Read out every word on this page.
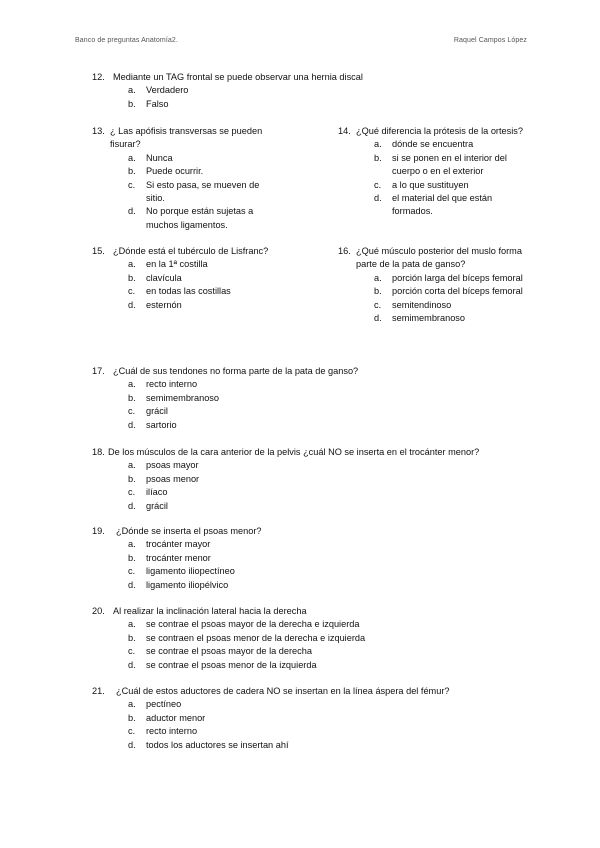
Banco de preguntas Anatomía2.	Raquel Campos López
12. Mediante un TAG frontal se puede observar una hernia discal
a. Verdadero
b. Falso
13. ¿ Las apófisis transversas se pueden fisurar?
a. Nunca
b. Puede ocurrir.
c. Si esto pasa, se mueven de sitio.
d. No porque están sujetas a muchos ligamentos.
14. ¿Qué diferencia la prótesis de la ortesis?
a. dónde se encuentra
b. si se ponen en el interior del cuerpo o en el exterior
c. a lo que sustituyen
d. el material del que están formados.
15. ¿Dónde está el tubérculo de Lisfranc?
a. en la 1ª costilla
b. clavícula
c. en todas las costillas
d. esternón
16. ¿Qué músculo posterior del muslo forma parte de la pata de ganso?
a. porción larga del bíceps femoral
b. porción corta del bíceps femoral
c. semitendinoso
d. semimembranoso
17. ¿Cuál de sus tendones no forma parte de la pata de ganso?
a. recto interno
b. semimembranoso
c. grácil
d. sartorio
18. De los músculos de la cara anterior de la pelvis ¿cuál NO se inserta en el trocánter menor?
a. psoas mayor
b. psoas menor
c. ilíaco
d. grácil
19.	¿Dónde se inserta el psoas menor?
a. trocánter mayor
b. trocánter menor
c. ligamento iliopectíneo
d. ligamento iliopélvico
20. Al realizar la inclinación lateral hacia la derecha
a. se contrae el psoas mayor de la derecha e izquierda
b. se contraen el psoas menor de la derecha e izquierda
c. se contrae el psoas mayor de la derecha
d. se contrae el psoas menor de la izquierda
21.	¿Cuál de estos aductores de cadera NO se insertan en la línea áspera del fémur?
a. pectíneo
b. aductor menor
c. recto interno
d. todos los aductores se insertan ahí
